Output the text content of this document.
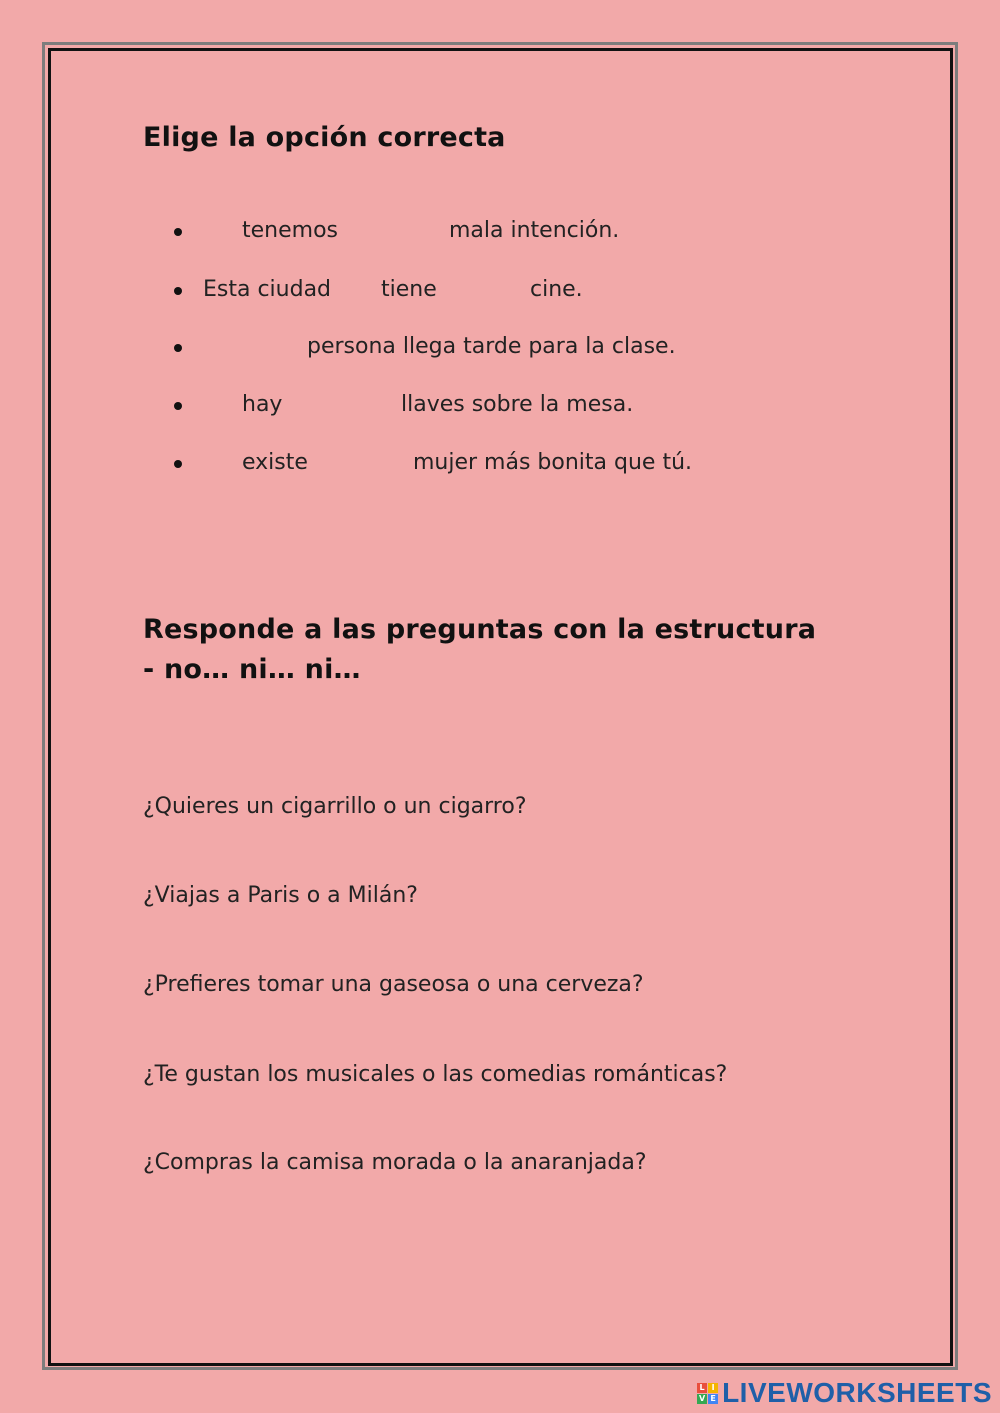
Elige la opción correcta
tenemos	mala intención.
Esta ciudad tiene	cine.
persona llega tarde para la clase.
hay	llaves sobre la mesa.
existe	mujer más bonita que tú.
Responde a las preguntas con la estructura - no… ni… ni…

¿Quieres un cigarrillo o un cigarro?

¿Viajas a Paris o a Milán?

¿Prefieres tomar una gaseosa o una cerveza?

¿Te gustan los musicales o las comedias románticas?

¿Compras la camisa morada o la anaranjada?

L I
V E LIVEWORKSHEETS
